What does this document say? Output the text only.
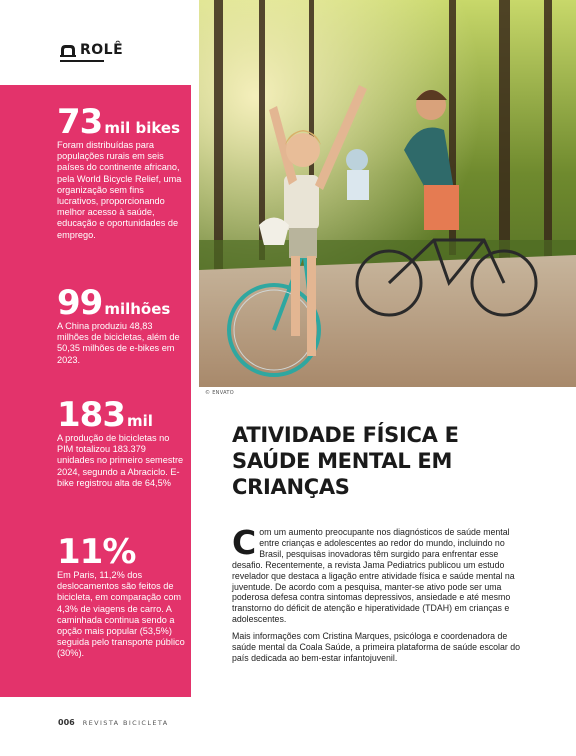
ROLÊ
73 mil bikes
Foram distribuídas para populações rurais em seis países do continente africano, pela World Bicycle Relief, uma organização sem fins lucrativos, proporcionando melhor acesso à saúde, educação e oportunidades de emprego.
99 milhões
A China produziu 48,83 milhões de bicicletas, além de 50,35 milhões de e-bikes em 2023.
183 mil
A produção de bicicletas no PIM totalizou 183.379 unidades no primeiro semestre 2024, segundo a Abraciclo. E-bike registrou alta de 64,5%
11%
Em Paris, 11,2% dos deslocamentos são feitos de bicicleta, em comparação com 4,3% de viagens de carro. A caminhada continua sendo a opção mais popular (53,5%) seguida pelo transporte público (30%).
© ENVATO
ATIVIDADE FÍSICA E SAÚDE MENTAL EM CRIANÇAS

Com um aumento preocupante nos diagnósticos de saúde mental entre crianças e adolescentes ao redor do mundo, incluindo no Brasil, pesquisas inovadoras têm surgido para enfrentar esse desafio. Recentemente, a revista Jama Pediatrics publicou um estudo revelador que destaca a ligação entre atividade física e saúde mental na juventude. De acordo com a pesquisa, manter-se ativo pode ser uma poderosa defesa contra sintomas depressivos, ansiedade e até mesmo transtorno do déficit de atenção e hiperatividade (TDAH) em crianças e adolescentes.

Mais informações com Cristina Marques, psicóloga e coordenadora de saúde mental da Coala Saúde, a primeira plataforma de saúde escolar do país dedicada ao bem-estar infantojuvenil.

006 REVISTA BICICLETA
